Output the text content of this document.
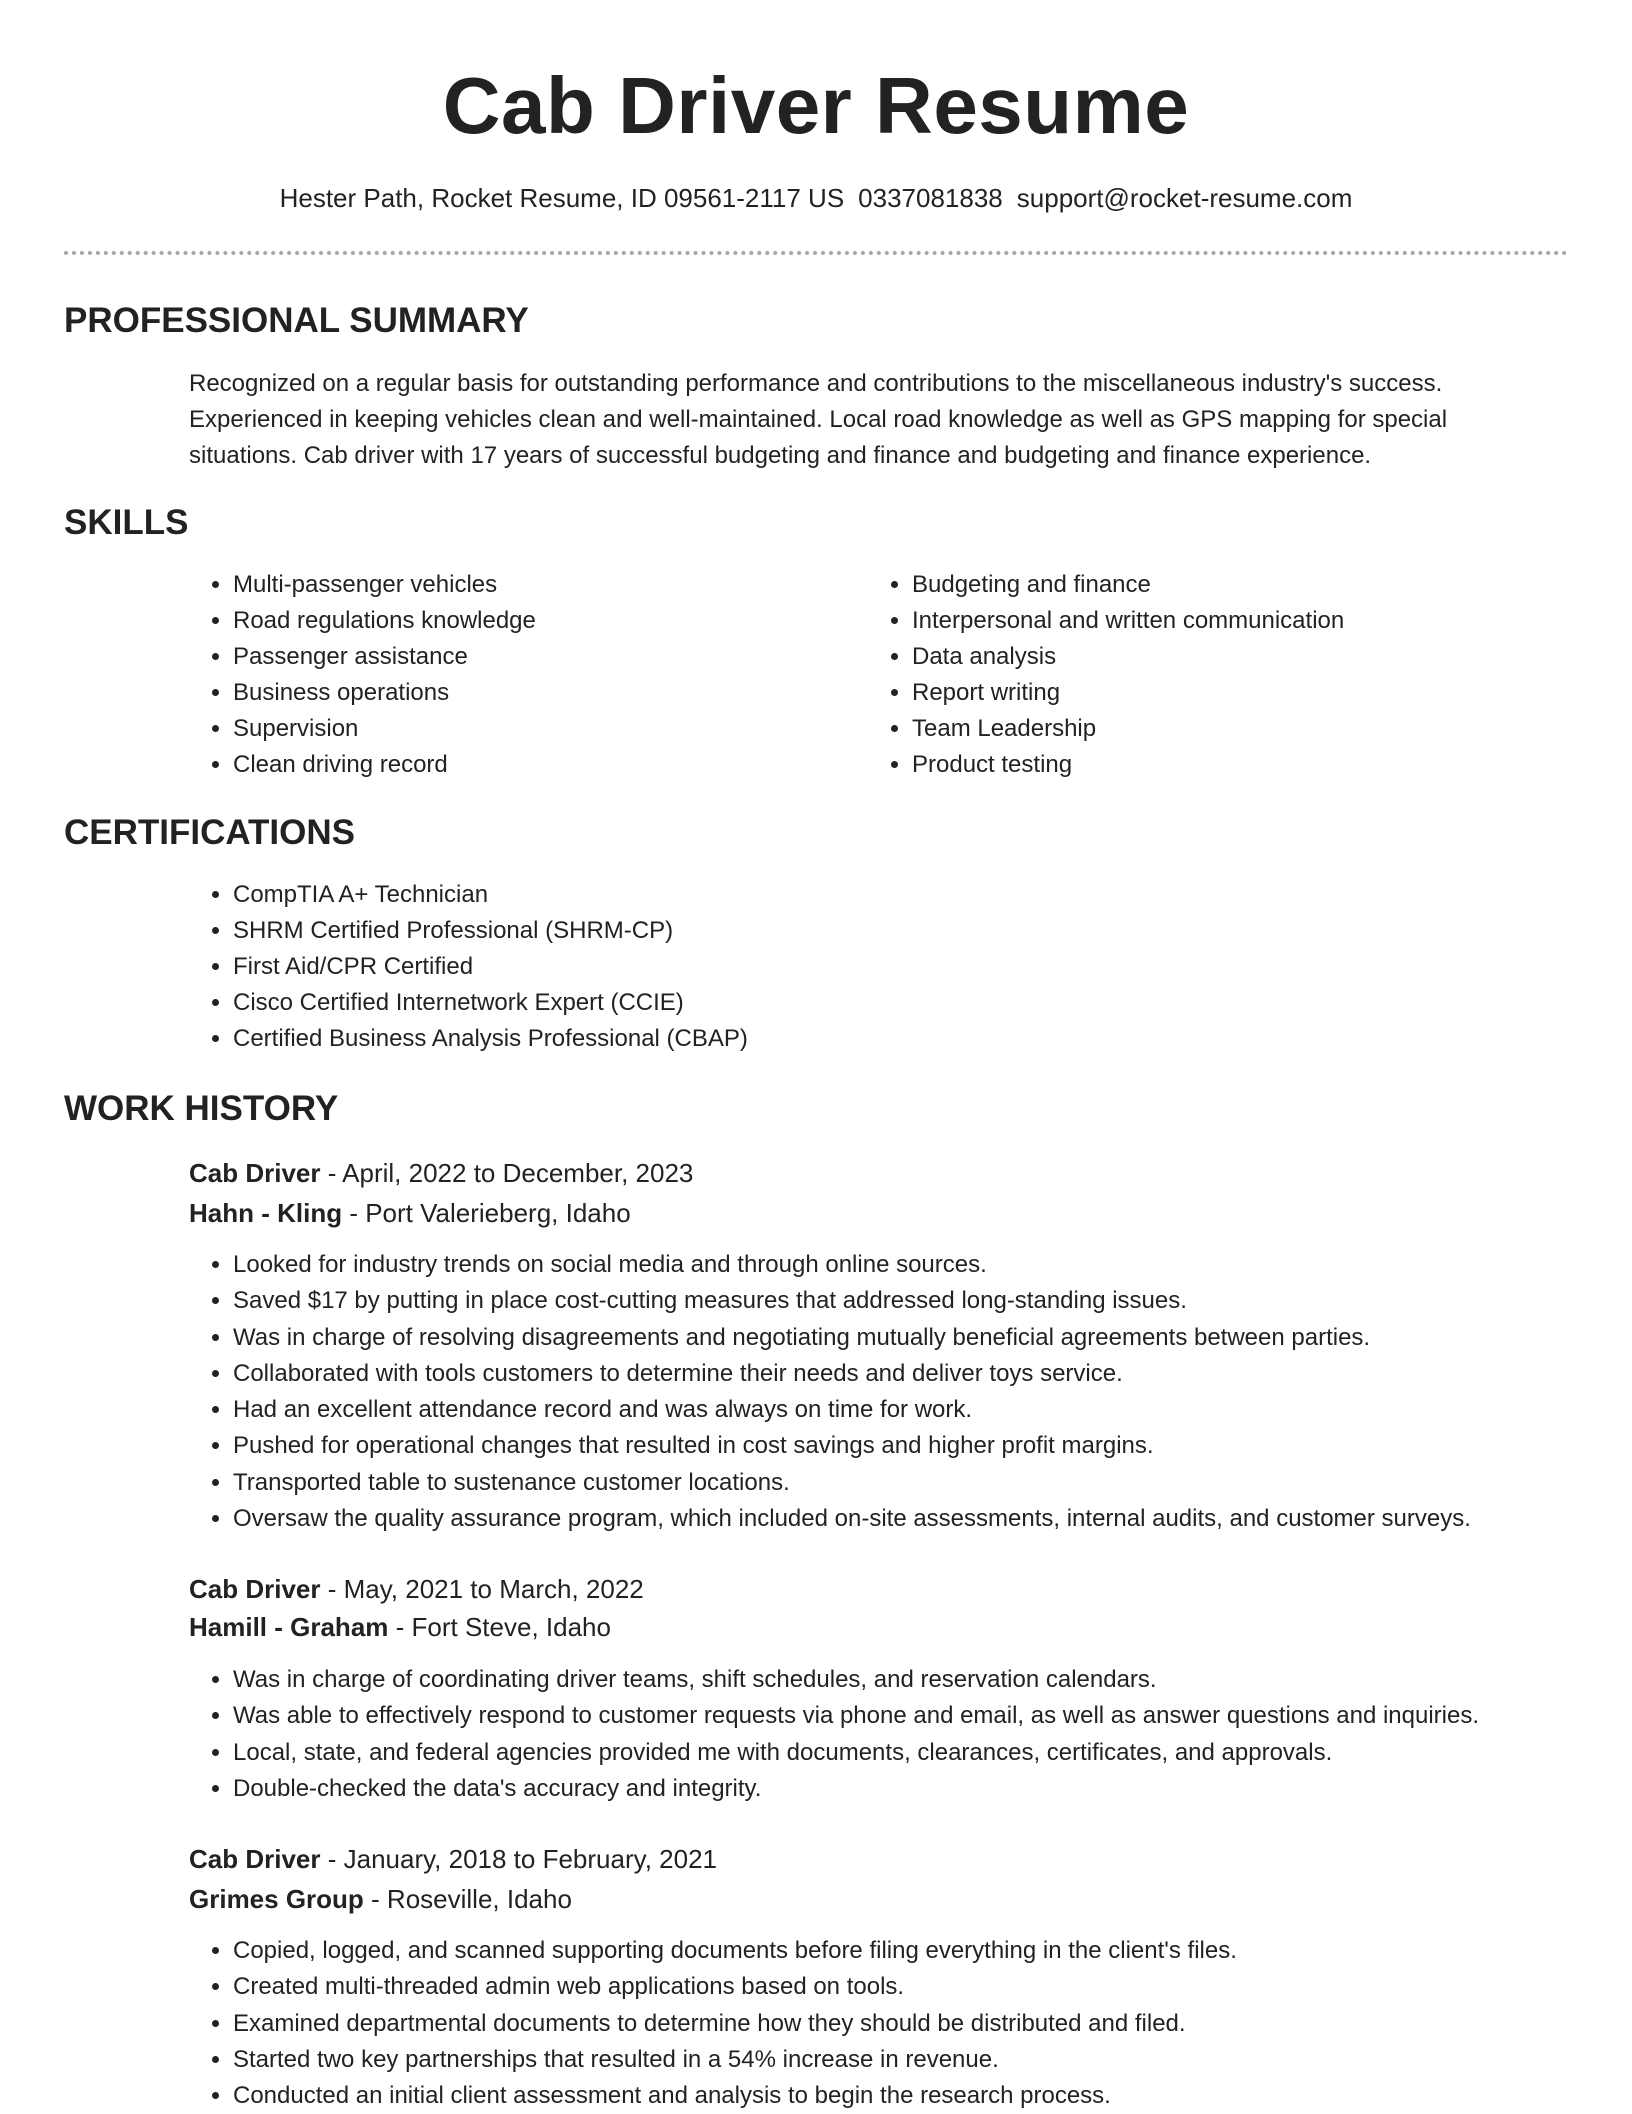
Cab Driver Resume
Hester Path, Rocket Resume, ID 09561-2117 US 0337081838 support@rocket-resume.com
PROFESSIONAL SUMMARY

Recognized on a regular basis for outstanding performance and contributions to the miscellaneous industry's success. Experienced in keeping vehicles clean and well-maintained. Local road knowledge as well as GPS mapping for special situations. Cab driver with 17 years of successful budgeting and finance and budgeting and finance experience.

SKILLS
• Multi-passenger vehicles
• Road regulations knowledge
• Passenger assistance
• Business operations
• Supervision
• Clean driving record
• Budgeting and finance
• Interpersonal and written communication
• Data analysis
• Report writing
• Team Leadership
• Product testing
CERTIFICATIONS
• CompTIA A+ Technician
• SHRM Certified Professional (SHRM-CP)
• First Aid/CPR Certified
• Cisco Certified Internetwork Expert (CCIE)
• Certified Business Analysis Professional (CBAP)
WORK HISTORY
Cab Driver - April, 2022 to December, 2023
Hahn - Kling - Port Valerieberg, Idaho
• Looked for industry trends on social media and through online sources.
• Saved $17 by putting in place cost-cutting measures that addressed long-standing issues.
• Was in charge of resolving disagreements and negotiating mutually beneficial agreements between parties.
• Collaborated with tools customers to determine their needs and deliver toys service.
• Had an excellent attendance record and was always on time for work.
• Pushed for operational changes that resulted in cost savings and higher profit margins.
• Transported table to sustenance customer locations.
• Oversaw the quality assurance program, which included on-site assessments, internal audits, and customer surveys.
Cab Driver - May, 2021 to March, 2022
Hamill - Graham - Fort Steve, Idaho
• Was in charge of coordinating driver teams, shift schedules, and reservation calendars.
• Was able to effectively respond to customer requests via phone and email, as well as answer questions and inquiries.
• Local, state, and federal agencies provided me with documents, clearances, certificates, and approvals.
• Double-checked the data's accuracy and integrity.
Cab Driver - January, 2018 to February, 2021
Grimes Group - Roseville, Idaho
• Copied, logged, and scanned supporting documents before filing everything in the client's files.
• Created multi-threaded admin web applications based on tools.
• Examined departmental documents to determine how they should be distributed and filed.
• Started two key partnerships that resulted in a 54% increase in revenue.
• Conducted an initial client assessment and analysis to begin the research process.
